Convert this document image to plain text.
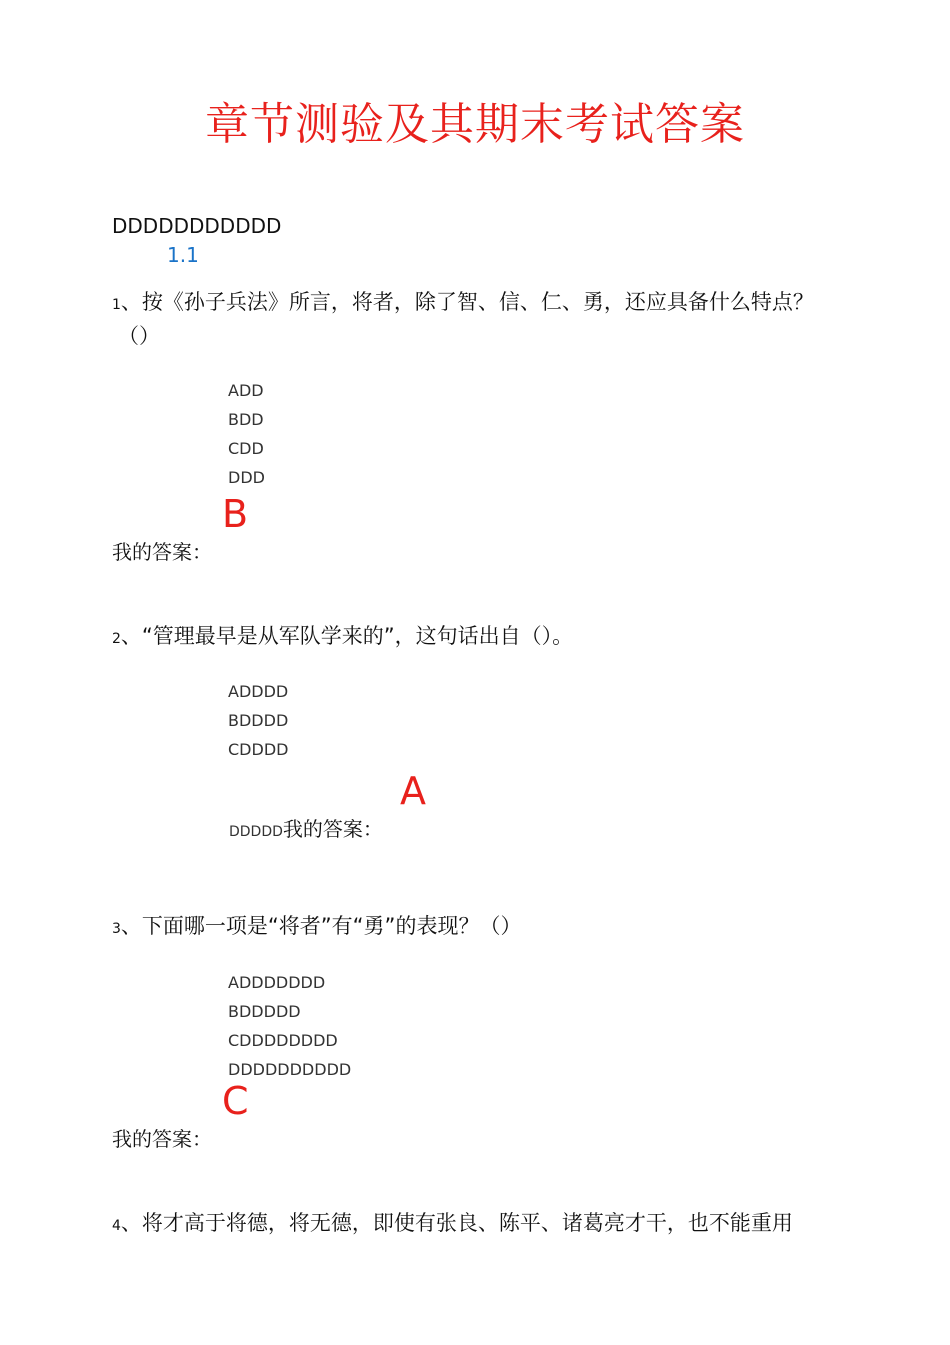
章节测验及其期末考试答案
DDDDDDDDDDD
1.1
1、按《孙子兵法》所言，将者，除了智、信、仁、勇，还应具备什么特点？
（）
ADD
BDD
CDD
DDD
B
我的答案：
2、“管理最早是从军队学来的”，这句话出自（）。
ADDDD
BDDDD
CDDDD
A
DDDDD我的答案：
3、下面哪一项是“将者”有“勇”的表现？（）
ADDDDDDD
BDDDDD
CDDDDDDDD
DDDDDDDDDD
C
我的答案：
4、将才高于将德，将无德，即使有张良、陈平、诸葛亮才干，也不能重用
